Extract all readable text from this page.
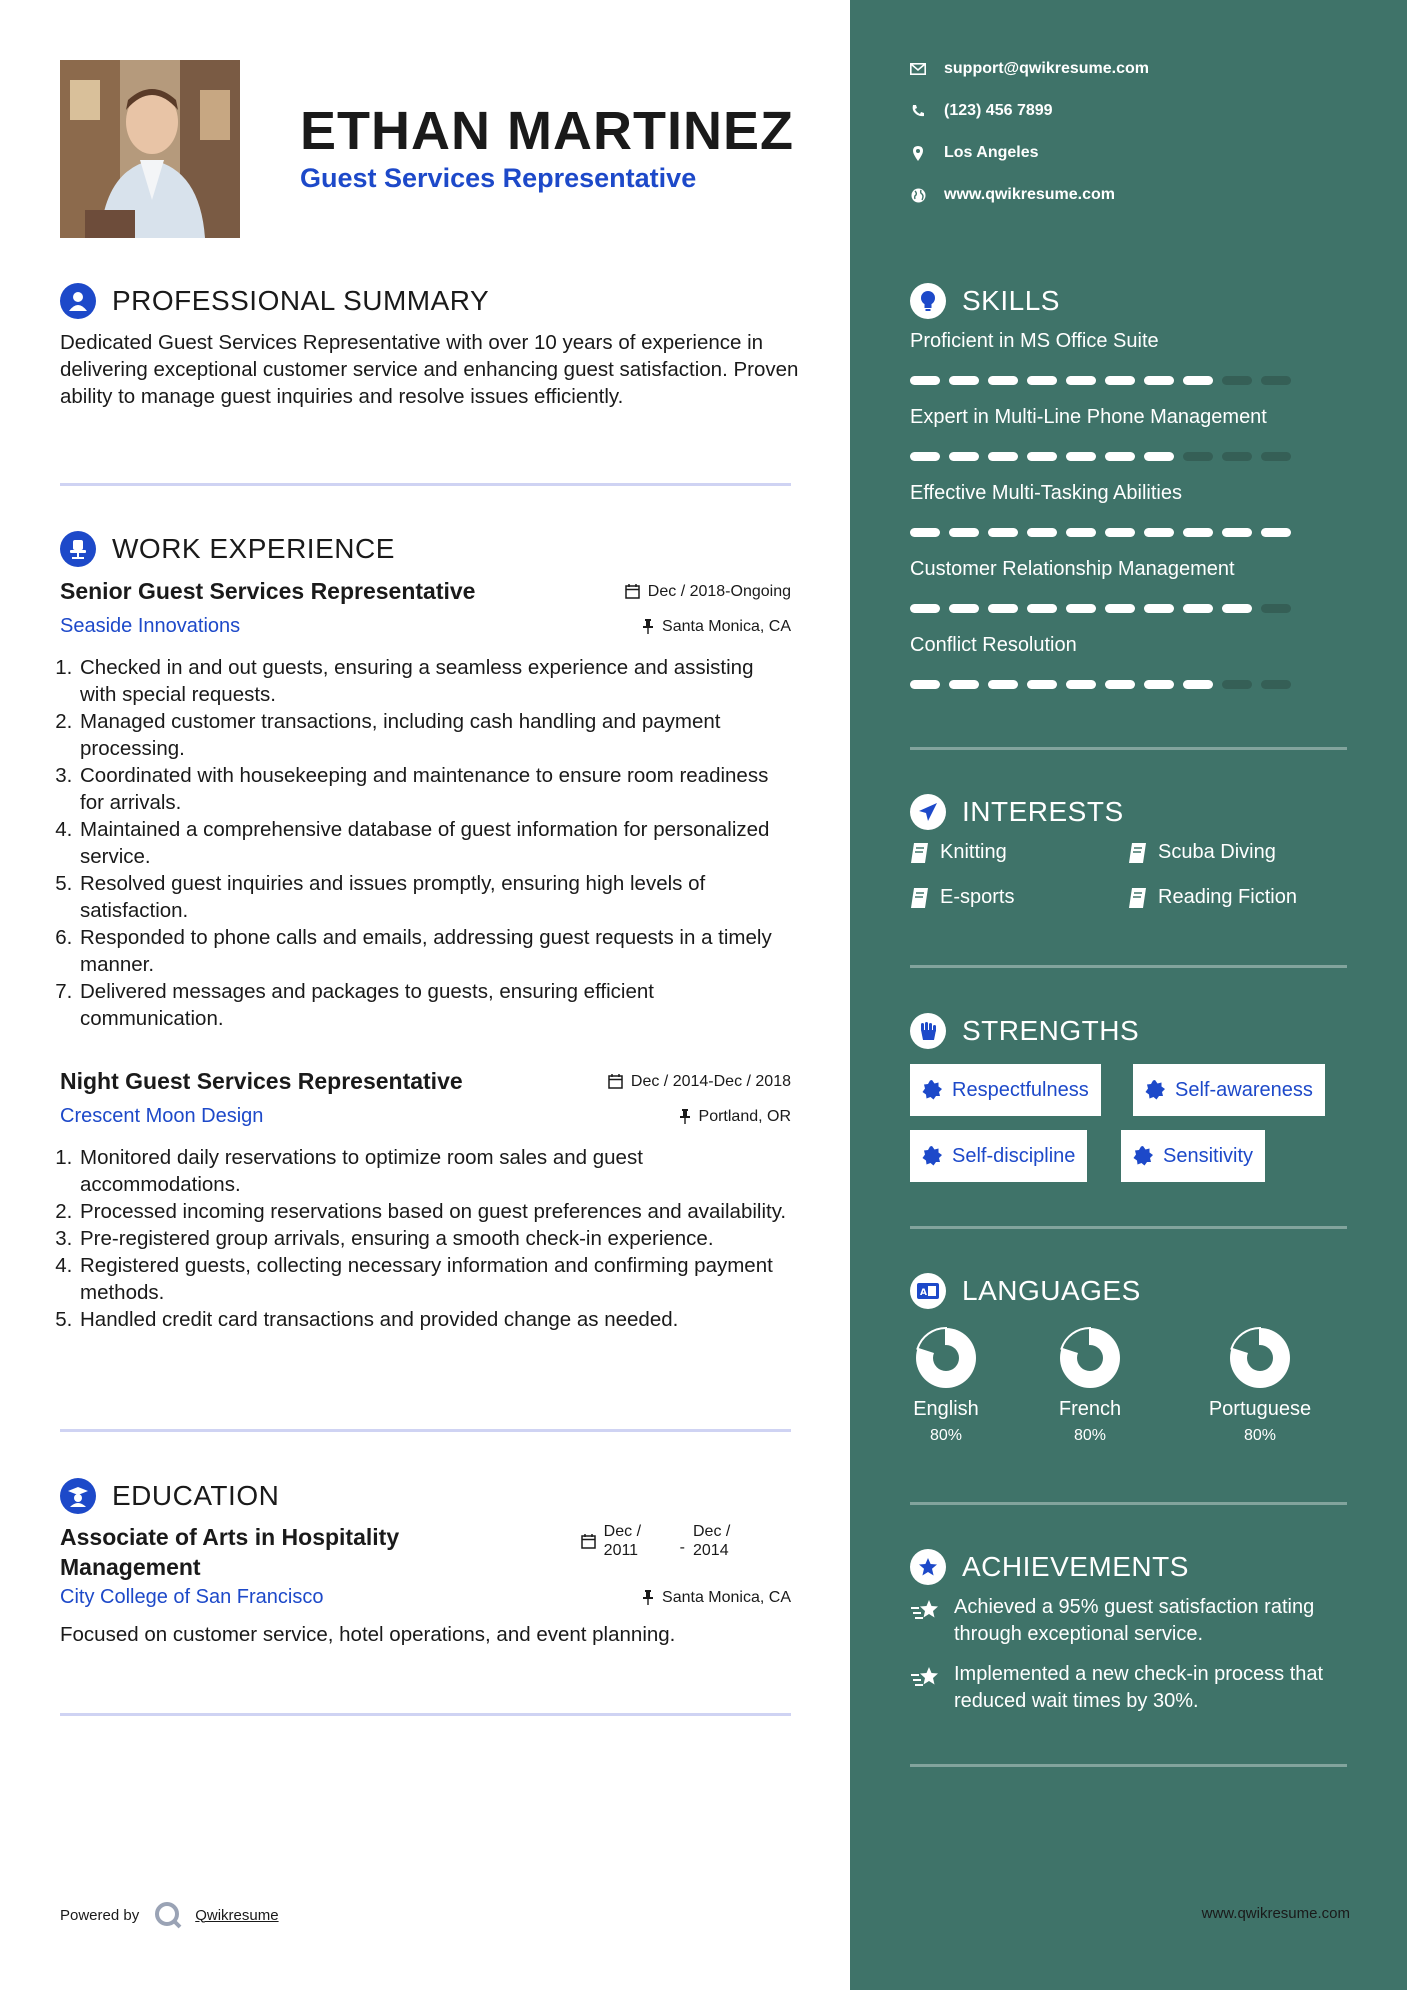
ETHAN MARTINEZ
Guest Services Representative
PROFESSIONAL SUMMARY
Dedicated Guest Services Representative with over 10 years of experience in delivering exceptional customer service and enhancing guest satisfaction. Proven ability to manage guest inquiries and resolve issues efficiently.
WORK EXPERIENCE
Senior Guest Services Representative	Dec / 2018-Ongoing
Seaside Innovations	Santa Monica, CA
1. Checked in and out guests, ensuring a seamless experience and assisting with special requests.
2. Managed customer transactions, including cash handling and payment processing.
3. Coordinated with housekeeping and maintenance to ensure room readiness for arrivals.
4. Maintained a comprehensive database of guest information for personalized service.
5. Resolved guest inquiries and issues promptly, ensuring high levels of satisfaction.
6. Responded to phone calls and emails, addressing guest requests in a timely manner.
7. Delivered messages and packages to guests, ensuring efficient communication.
Night Guest Services Representative	Dec / 2014-Dec / 2018
Crescent Moon Design	Portland, OR
1. Monitored daily reservations to optimize room sales and guest accommodations.
2. Processed incoming reservations based on guest preferences and availability.
3. Pre-registered group arrivals, ensuring a smooth check-in experience.
4. Registered guests, collecting necessary information and confirming payment methods.
5. Handled credit card transactions and provided change as needed.
EDUCATION
Associate of Arts in Hospitality Management
Dec /
2011	-
Dec /
2014
City College of San Francisco	Santa Monica, CA
Focused on customer service, hotel operations, and event planning.
Powered by	Qwikresume
support@qwikresume.com
(123) 456 7899
Los Angeles
www.qwikresume.com
SKILLS
Proficient in MS Office Suite
Expert in Multi-Line Phone Management
Effective Multi-Tasking Abilities
Customer Relationship Management
Conflict Resolution
INTERESTS
Knitting	Scuba Diving
E-sports	Reading Fiction
STRENGTHS
Respectfulness	Self-awareness
Self-discipline	Sensitivity
A LANGUAGES
English
80%
French
80%
Portuguese
80%
ACHIEVEMENTS
Achieved a 95% guest satisfaction rating through exceptional service.
Implemented a new check-in process that reduced wait times by 30%.
www.qwikresume.com
